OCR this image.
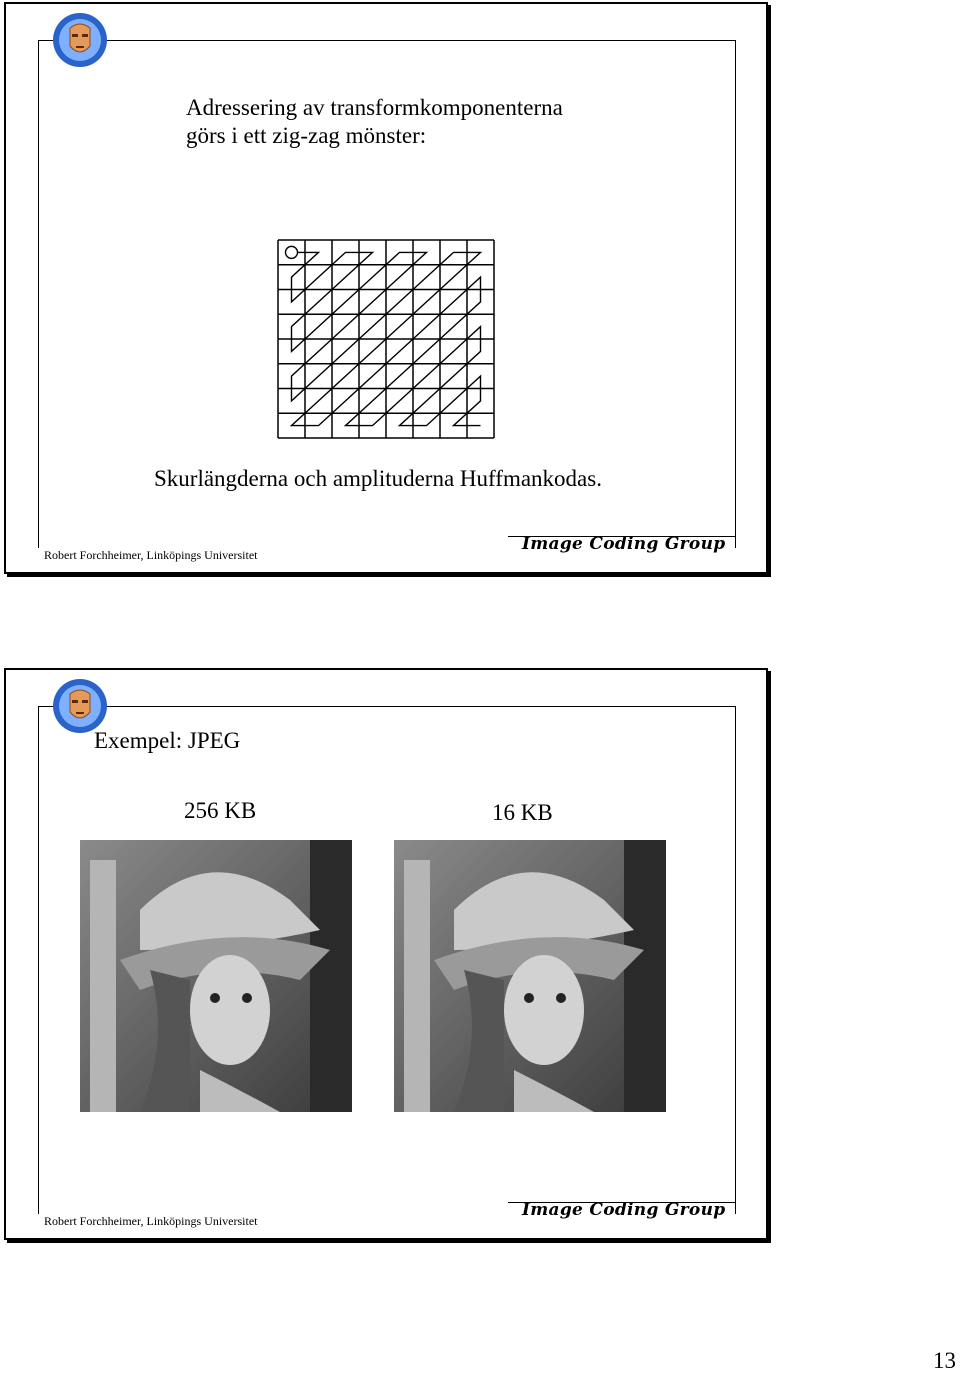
Adressering av transformkomponenterna
görs i ett zig-zag mönster:
Skurlängderna och amplituderna Huffmankodas.
Robert Forchheimer, Linköpings Universitet
Image Coding Group
Exempel: JPEG
256 KB	16 KB
Robert Forchheimer, Linköpings Universitet
Image Coding Group
13
